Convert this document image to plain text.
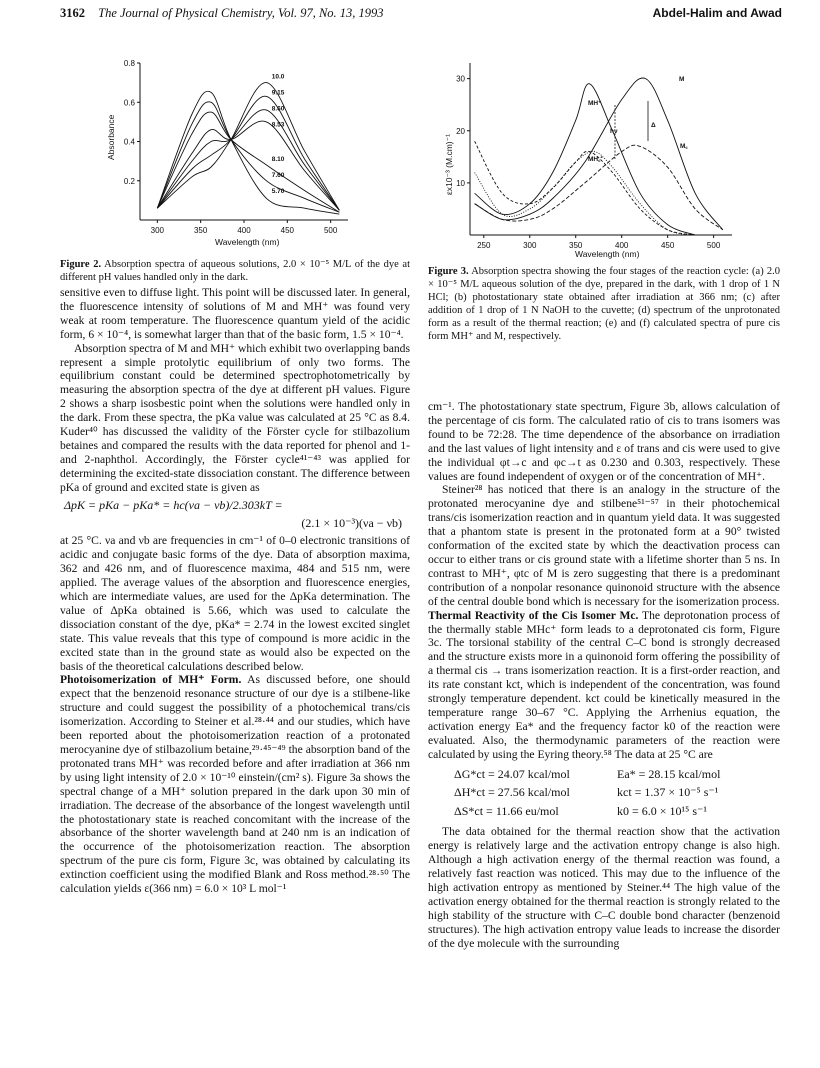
3162 The Journal of Physical Chemistry, Vol. 97, No. 13, 1993	Abdel-Halim and Awad
300	350	400	450	500
0.2
0.4
0.6
0.8
10.0
9.15
8.60
8.53
8.10
7.60
5.70
Absorbance
Wavelength (nm)
Figure 2. Absorption spectra of aqueous solutions, 2.0 × 10⁻⁵ M/L of the dye at different pH values handled only in the dark.
250	300	350	400	450	500
10
20
30	M
MH⁺
MH꜀⁺
M꜀
hν
Δ
εx10⁻³ (M.cm)⁻¹
Wavelength (nm)
Figure 3. Absorption spectra showing the four stages of the reaction cycle: (a) 2.0 × 10⁻⁵ M/L aqueous solution of the dye, prepared in the dark, with 1 drop of 1 N HCl; (b) photostationary state obtained after irradiation at 366 nm; (c) after addition of 1 drop of 1 N NaOH to the cuvette; (d) spectrum of the unprotonated form as a result of the thermal reaction; (e) and (f) calculated spectra of pure cis form MH⁺ and M, respectively.

sensitive even to diffuse light. This point will be discussed later. In general, the fluorescence intensity of solutions of M and MH⁺ was found very weak at room temperature. The fluorescence quantum yield of the acidic form, 6 × 10⁻⁴, is somewhat larger than that of the basic form, 1.5 × 10⁻⁴.

Absorption spectra of M and MH⁺ which exhibit two overlapping bands represent a simple protolytic equilibrium of only two forms. The equilibrium constant could be determined spectrophotometrically by measuring the absorption spectra of the dye at different pH values. Figure 2 shows a sharp isosbestic point when the solutions were handled only in the dark. From these spectra, the pKa value was calculated at 25 °C as 8.4. Kuder⁴⁰ has discussed the validity of the Förster cycle for stilbazolium betaines and compared the results with the data reported for phenol and 1- and 2-naphthol. Accordingly, the Förster cycle⁴¹⁻⁴³ was applied for determining the excited-state dissociation constant. The difference between pKa of ground and excited state is given as

ΔpK = pKa − pKa* = hc(νa − νb)/2.303kT =
(2.1 × 10⁻³)(νa − νb)

at 25 °C. νa and νb are frequencies in cm⁻¹ of 0–0 electronic transitions of acidic and conjugate basic forms of the dye. Data of absorption maxima, 362 and 426 nm, and of fluorescence maxima, 484 and 515 nm, were applied. The average values of the absorption and fluorescence energies, which are intermediate values, are used for the ΔpKa determination. The value of ΔpKa obtained is 5.66, which was used to calculate the dissociation constant of the dye, pKa* = 2.74 in the lowest excited singlet state. This value reveals that this type of compound is more acidic in the excited state than in the ground state as would also be expected on the basis of the theoretical calculations described below.

Photoisomerization of MH⁺ Form. As discussed before, one should expect that the benzenoid resonance structure of our dye is a stilbene-like structure and could suggest the possibility of a photochemical trans/cis isomerization. According to Steiner et al.²⁸·⁴⁴ and our studies, which have been reported about the photoisomerization reaction of a protonated merocyanine dye of stilbazolium betaine,²⁹·⁴⁵⁻⁴⁹ the absorption band of the protonated trans MH⁺ was recorded before and after irradiation at 366 nm by using light intensity of 2.0 × 10⁻¹⁰ einstein/(cm² s). Figure 3a shows the spectral change of a MH⁺ solution prepared in the dark upon 30 min of irradiation. The decrease of the absorbance of the longest wavelength until the photostationary state is reached concomitant with the increase of the absorbance of the shorter wavelength band at 240 nm is an indication of the occurrence of the photoisomerization reaction. The absorption spectrum of the pure cis form, Figure 3c, was obtained by calculating its extinction coefficient using the modified Blank and Ross method.²⁸·⁵⁰ The calculation yields ε(366 nm) = 6.0 × 10³ L mol⁻¹

cm⁻¹. The photostationary state spectrum, Figure 3b, allows calculation of the percentage of cis form. The calculated ratio of cis to trans isomers was found to be 72:28. The time dependence of the absorbance on irradiation and the last values of light intensity and ε of trans and cis were used to give the individual φt→c and φc→t as 0.230 and 0.303, respectively. These values are found independent of oxygen or of the concentration of MH⁺.

Steiner²⁸ has noticed that there is an analogy in the structure of the protonated merocyanine dye and stilbene⁵¹⁻⁵⁷ in their photochemical trans/cis isomerization reaction and in quantum yield data. It was suggested that a phantom state is present in the protonated form at a 90° twisted conformation of the excited state by which the deactivation process can occur to either trans or cis ground state with a lifetime shorter than 5 ns. In contrast to MH⁺, φtc of M is zero suggesting that there is a predominant contribution of a nonpolar resonance quinonoid structure with the absence of the central double bond which is necessary for the isomerization process.

Thermal Reactivity of the Cis Isomer Mc. The deprotonation process of the thermally stable MHc⁺ form leads to a deprotonated cis form, Figure 3c. The torsional stability of the central C–C bond is strongly decreased and the structure exists more in a quinonoid form offering the possibility of a thermal cis → trans isomerization reaction. It is a first-order reaction, and its rate constant kct, which is independent of the concentration, was found strongly temperature dependent. kct could be kinetically measured in the temperature range 30–67 °C. Applying the Arrhenius equation, the activation energy Ea* and the frequency factor k0 of the reaction were evaluated. Also, the thermodynamic parameters of the reaction were calculated by using the Eyring theory.⁵⁸ The data at 25 °C are

ΔG*ct = 24.07 kcal/mol	Ea* = 28.15 kcal/mol
ΔH*ct = 27.56 kcal/mol	kct = 1.37 × 10⁻⁵ s⁻¹
ΔS*ct = 11.66 eu/mol	k0 = 6.0 × 10¹⁵ s⁻¹

The data obtained for the thermal reaction show that the activation energy is relatively large and the activation entropy change is also high. Although a high activation energy of the thermal reaction was found, a relatively fast reaction was noticed. This may due to the influence of the high activation entropy as mentioned by Steiner.⁴⁴ The high value of the activation energy obtained for the thermal reaction is strongly related to the high stability of the structure with C–C double bond character (benzenoid structures). The high activation entropy value leads to increase the disorder of the dye molecule with the surrounding
